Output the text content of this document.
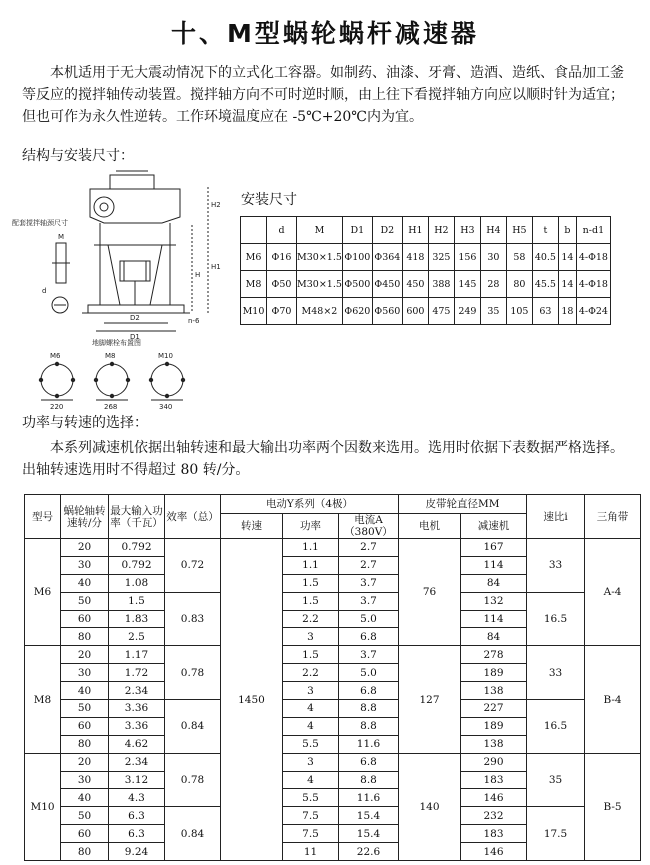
十、M型蜗轮蜗杆减速器
本机适用于无大震动情况下的立式化工容器。如制药、油漆、牙膏、造酒、造纸、食品加工釜等反应的搅拌轴传动装置。搅拌轴方向不可时逆时顺，由上往下看搅拌轴方向应以顺时针为适宜；但也可作为永久性逆转。工作环境温度应在 -5℃+20℃内为宜。
结构与安装尺寸：
配套搅拌轴颈尺寸
地脚螺栓布置图
H2
H1
H
M
d
D2
D1
n-6
M6	M8	M10
220	268	340
安装尺寸
	d	M	D1	D2	H1	H2	H3	H4	H5	t	b	n-d1
M6	Φ16	M30×1.5	Φ100	Φ364	418	325	156	30	58	40.5	14	4-Φ18
M8	Φ50	M30×1.5	Φ500	Φ450	450	388	145	28	80	45.5	14	4-Φ18
M10	Φ70	M48×2	Φ620	Φ560	600	475	249	35	105	63	18	4-Φ24
功率与转速的选择：
本系列减速机依据出轴转速和最大输出功率两个因数来选用。选用时依据下表数据严格选择。出轴转速选用时不得超过 80 转/分。
型号	蜗轮轴转速转/分	最大输入功率（千瓦）	效率（总）	电动Y系列（4极）			皮带轮直径MM		速比i	三角带
				转速	功率	电流A（380V）	电机	减速机		
M6	20	0.792	0.72	1450	1.1	2.7	76	167	33	A-4
	30	0.792			1.1	2.7		114		
	40	1.08			1.5	3.7		84		
	50	1.5	0.83		1.5	3.7		132	16.5	
	60	1.83			2.2	5.0		114		
	80	2.5			3	6.8		84		
M8	20	1.17	0.78		1.5	3.7	127	278	33	B-4
	30	1.72			2.2	5.0		189		
	40	2.34			3	6.8		138		
	50	3.36	0.84		4	8.8		227	16.5	
	60	3.36			4	8.8		189		
	80	4.62			5.5	11.6		138		
M10	20	2.34	0.78		3	6.8	140	290	35	B-5
	30	3.12			4	8.8		183		
	40	4.3			5.5	11.6		146		
	50	6.3	0.84		7.5	15.4		232	17.5	
	60	6.3			7.5	15.4		183		
	80	9.24			11	22.6		146		
